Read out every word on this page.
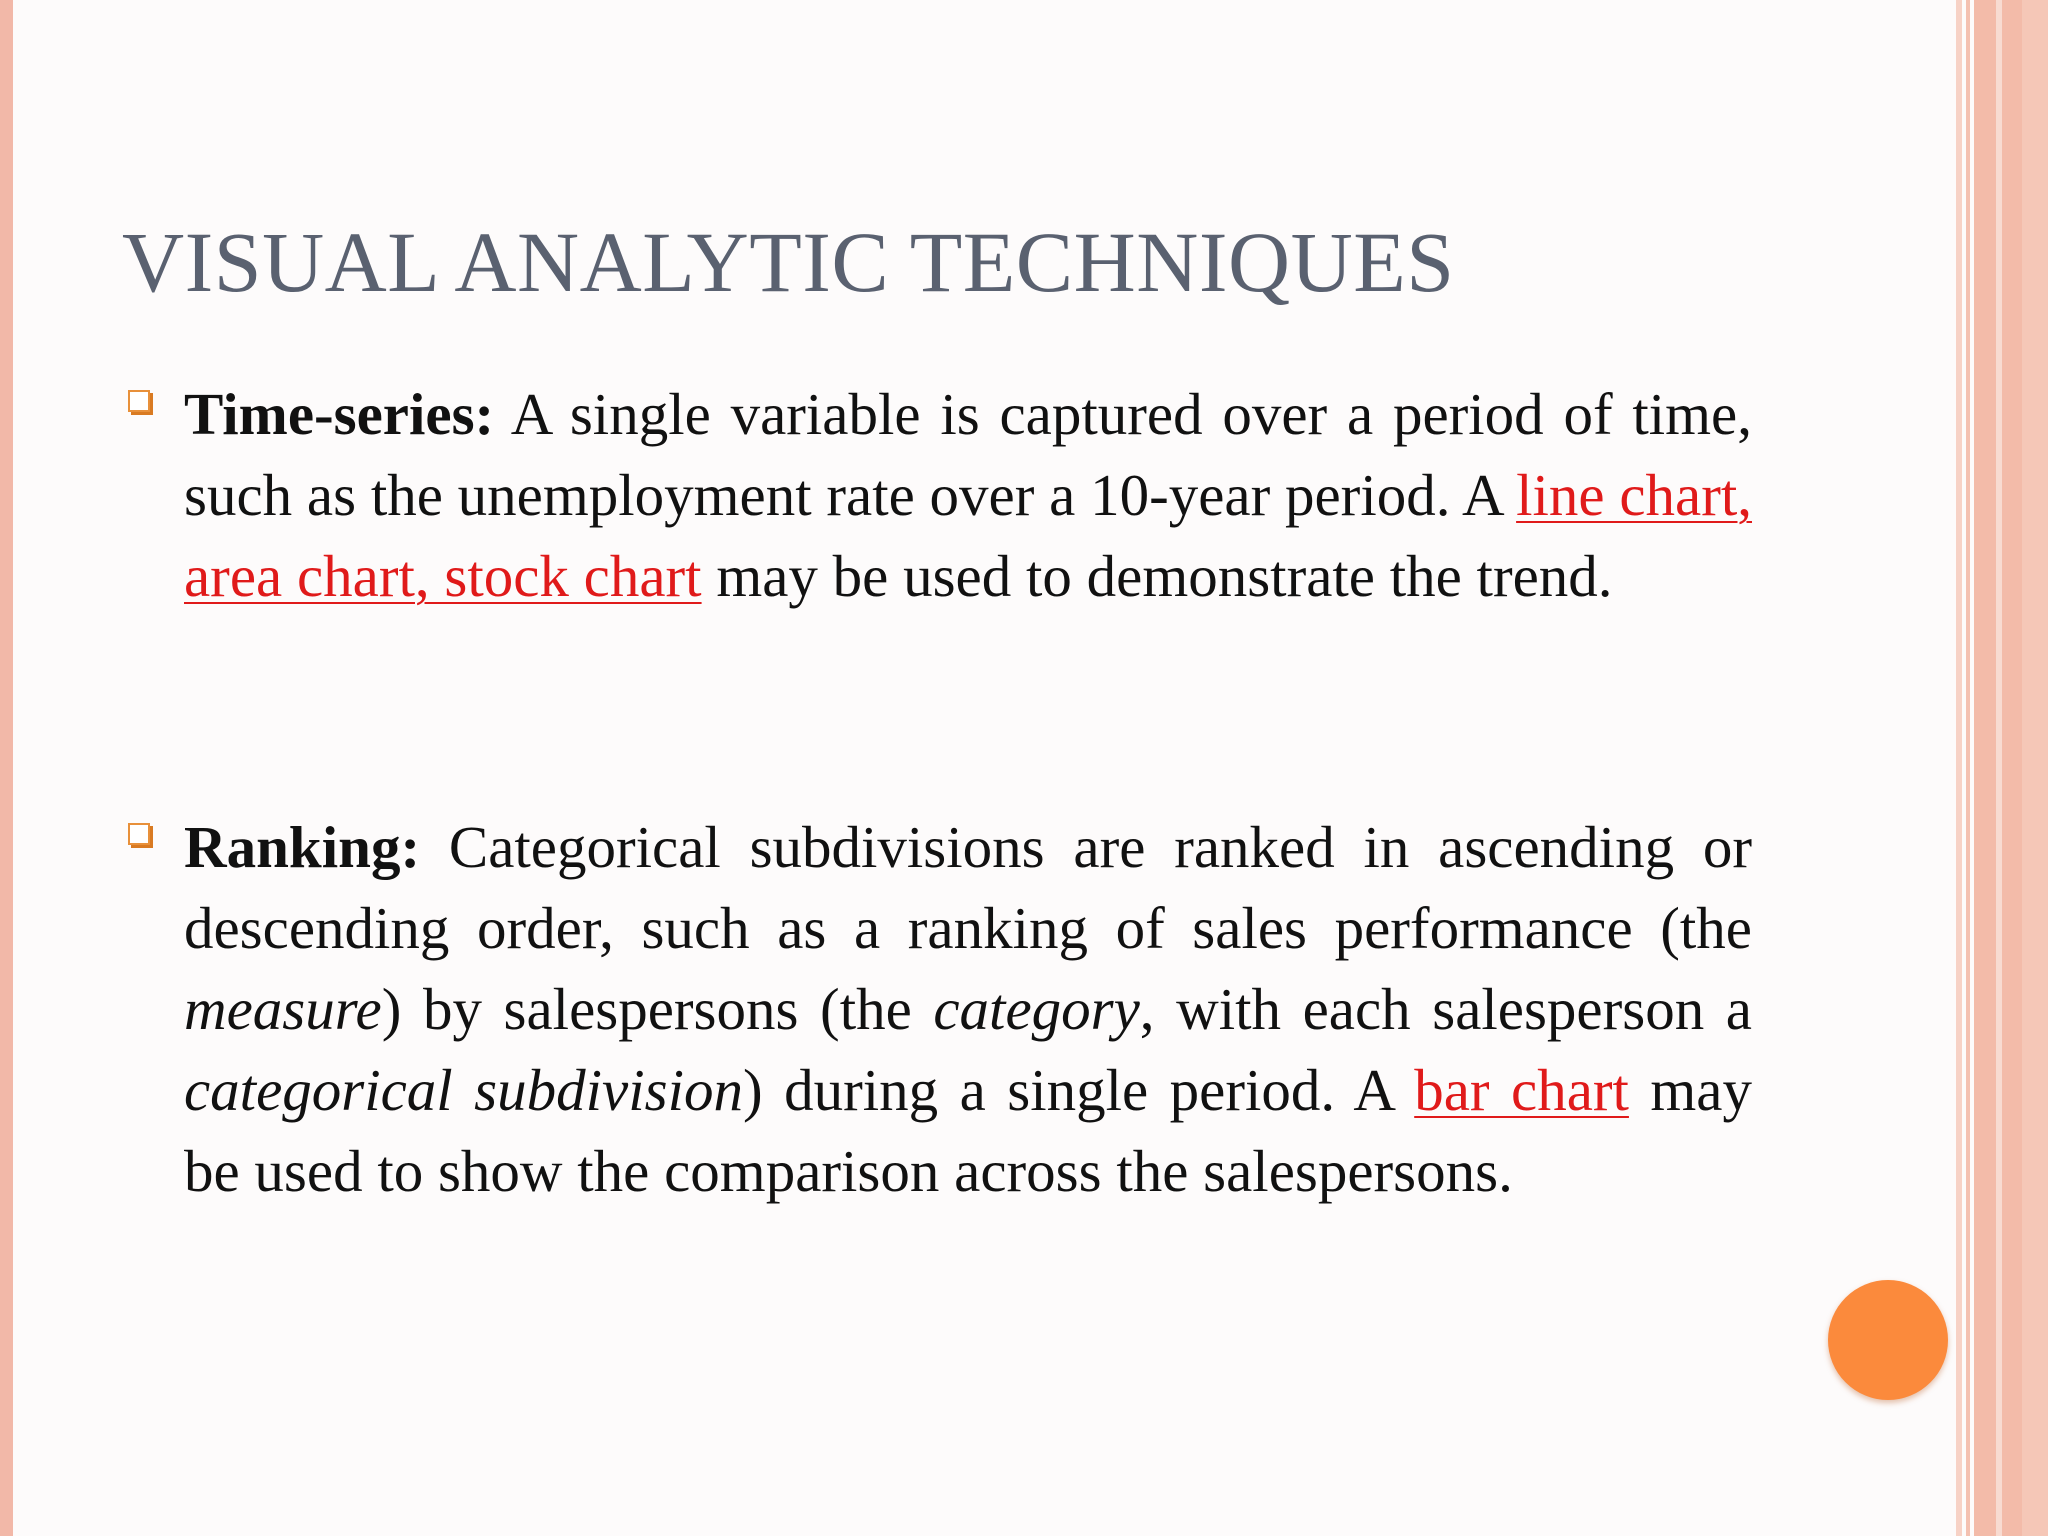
VISUAL ANALYTIC TECHNIQUES
Time-series: A single variable is captured over a period of time, such as the unemployment rate over a 10-year period. A line chart, area chart, stock chart may be used to demonstrate the trend.
Ranking: Categorical subdivisions are ranked in ascending or descending order, such as a ranking of sales performance (the measure) by salespersons (the category, with each salesperson a categorical subdivision) during a single period. A bar chart may be used to show the comparison across the salespersons.
